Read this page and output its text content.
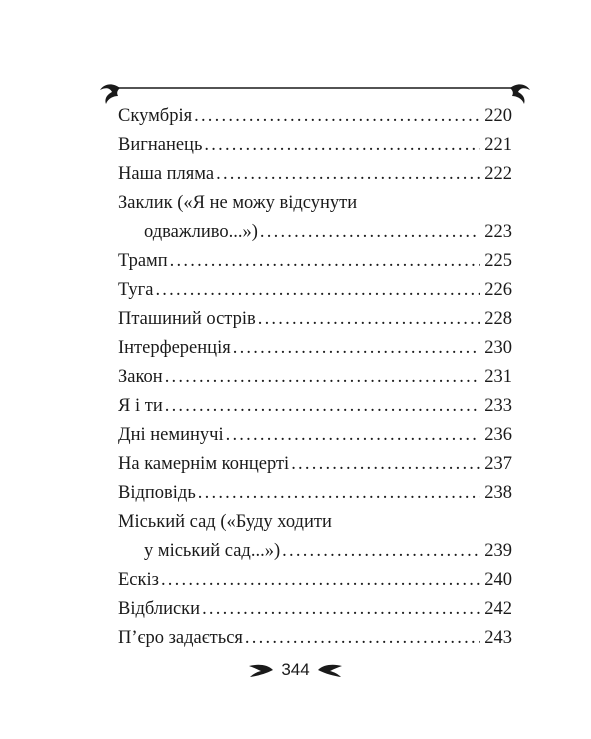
Скумбрія . . .	220
Вигнанець . . .	221
Наша пляма . . .	222
Заклик («Я не можу відсунути
одважливо...») . . .	223
Трамп . . .	225
Туга . . .	226
Пташиний острів . . .	228
Інтерференція . . .	230
Закон . . .	231
Я і ти . . .	233
Дні неминучі . . .	236
На камернім концерті . . .	237
Відповідь . . .	238
Міський сад («Буду ходити
у міський сад...») . . .	239
Ескіз . . .	240
Відблиски . . .	242
П’єро задається . . .	243
344
